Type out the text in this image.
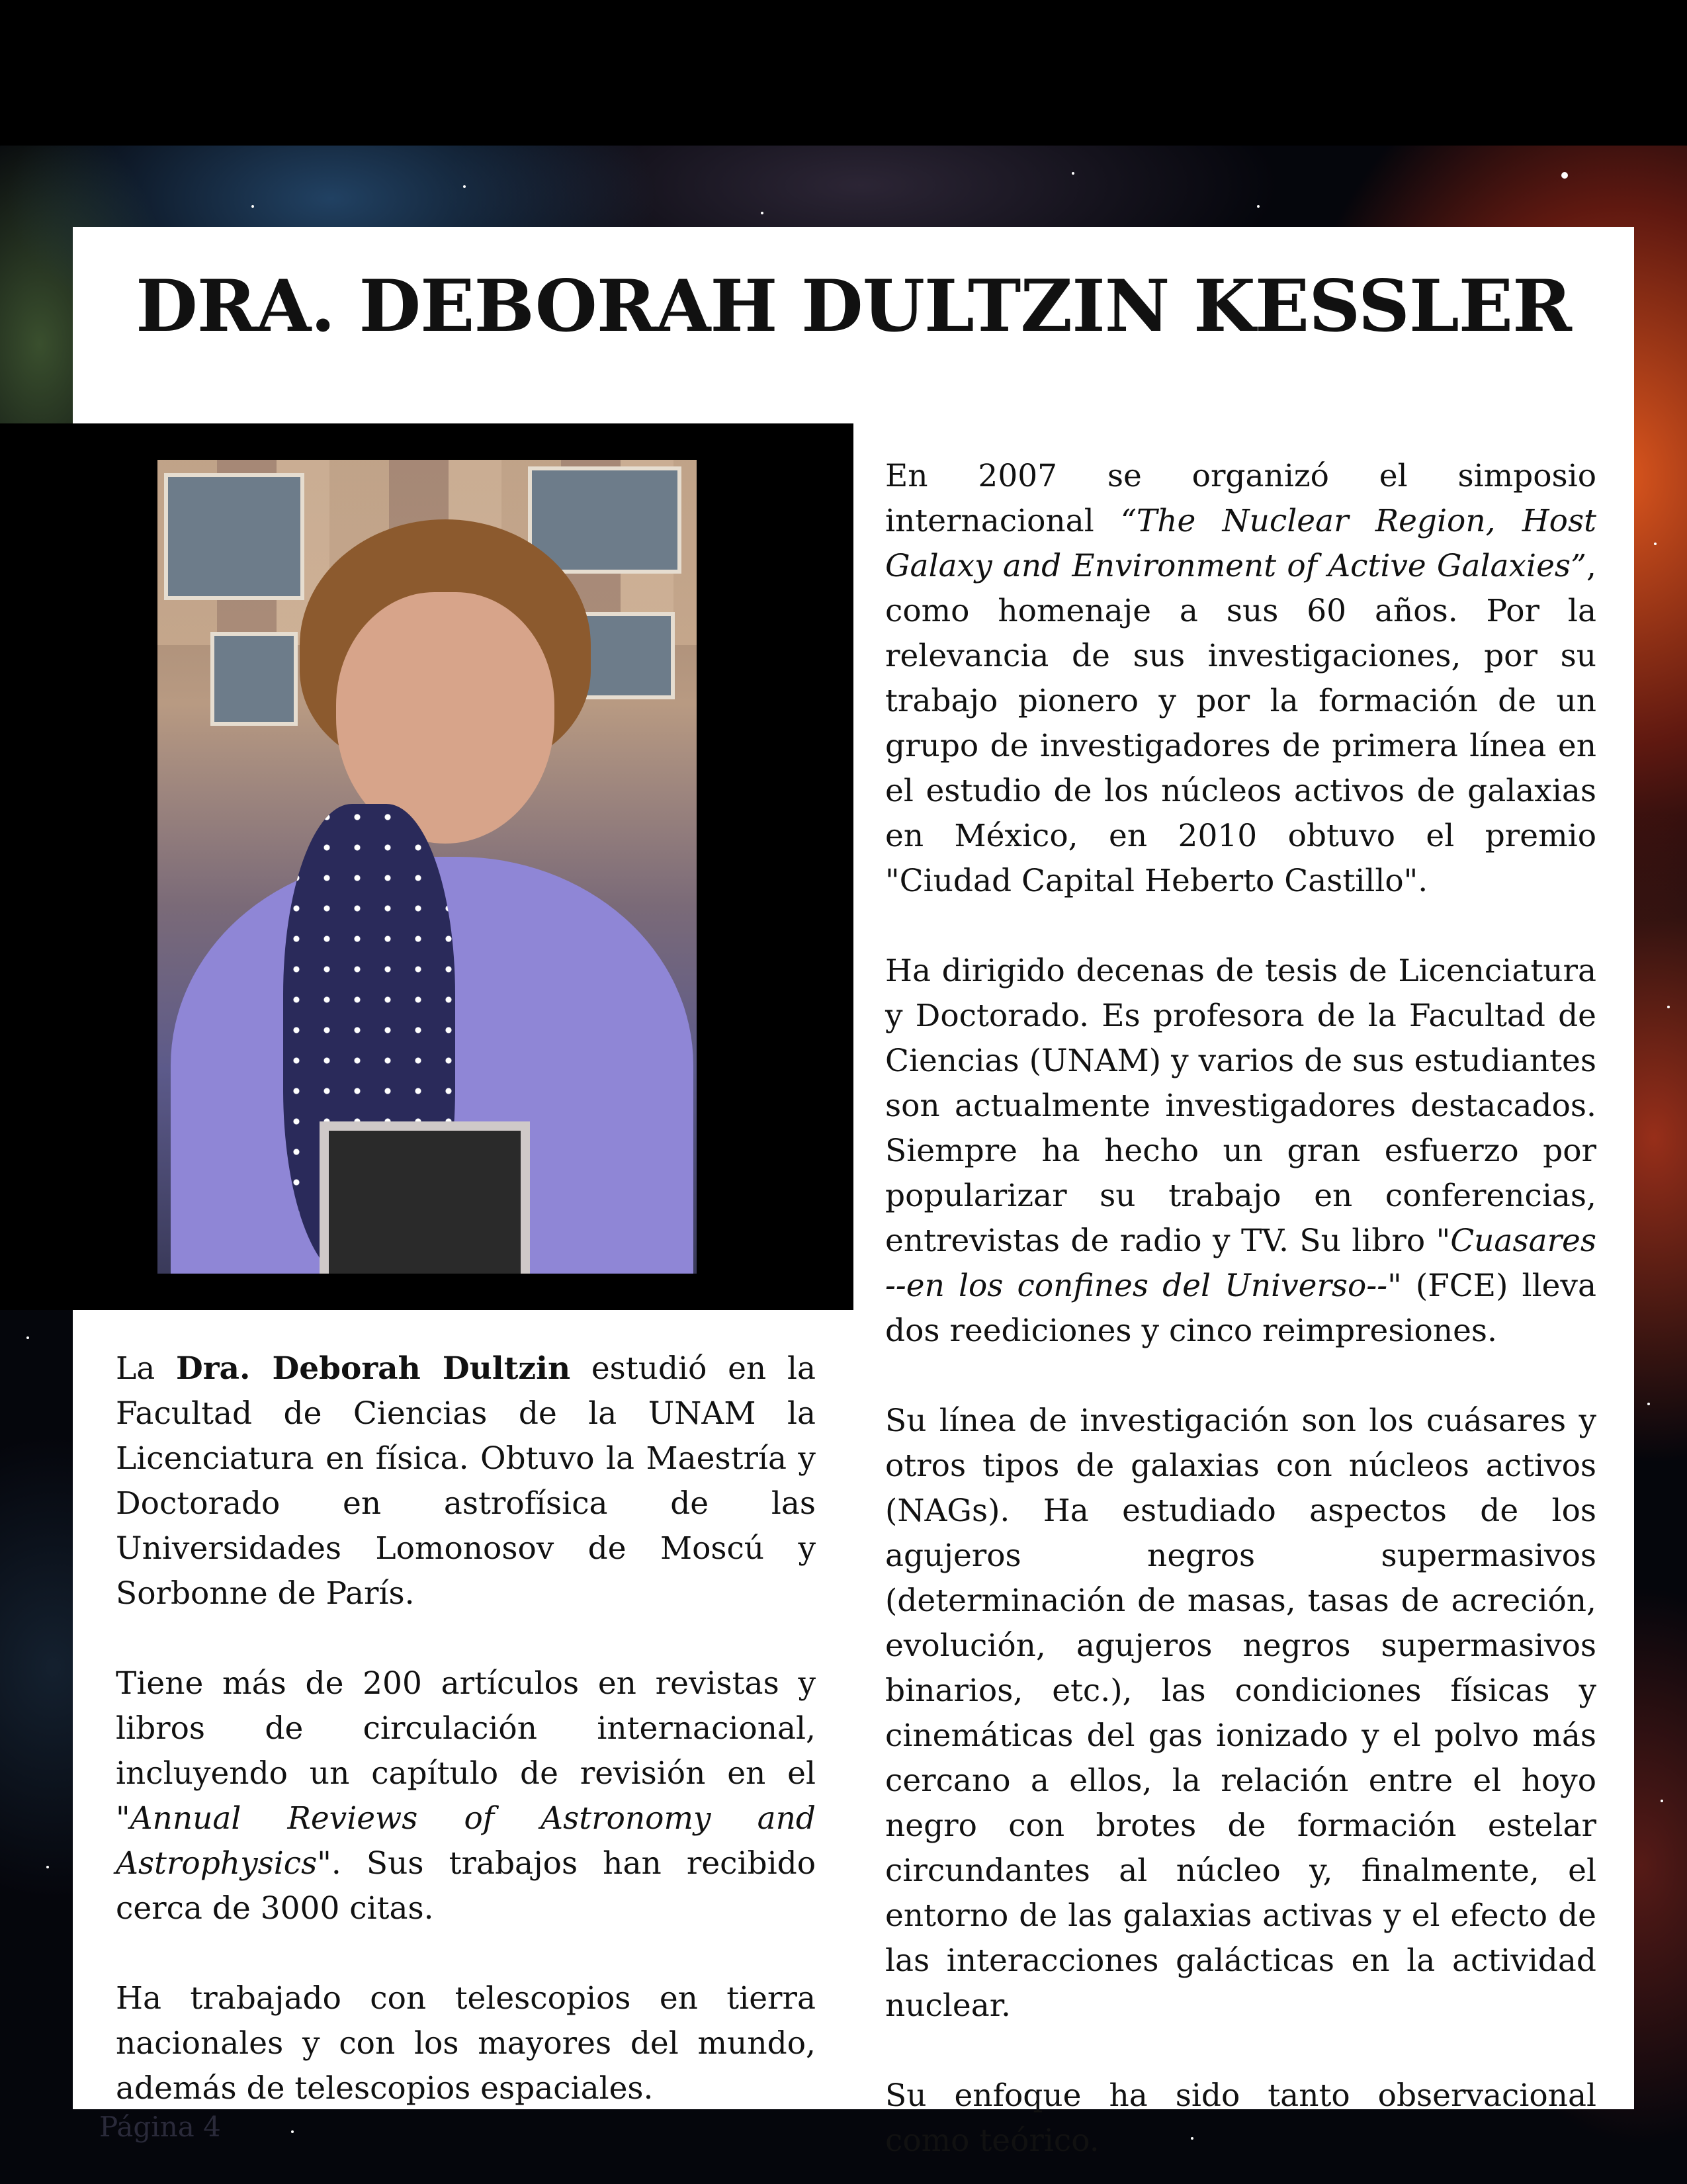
DRA. DEBORAH DULTZIN KESSLER

La Dra. Deborah Dultzin estudió en la Facultad de Ciencias de la UNAM la Licenciatura en física. Obtuvo la Maestría y Doctorado en astrofísica de las Universidades Lomonosov de Moscú y Sorbonne de París.

Tiene más de 200 artículos en revistas y libros de circulación internacional, incluyendo un capítulo de revisión en el "Annual Reviews of Astronomy and Astrophysics". Sus trabajos han recibido cerca de 3000 citas.

Ha trabajado con telescopios en tierra nacionales y con los mayores del mundo, además de telescopios espaciales.

En 2007 se organizó el simposio internacional “The Nuclear Region, Host Galaxy and Environment of Active Galaxies”, como homenaje a sus 60 años. Por la relevancia de sus investigaciones, por su trabajo pionero y por la formación de un grupo de investigadores de primera línea en el estudio de los núcleos activos de galaxias en México, en 2010 obtuvo el premio "Ciudad Capital Heberto Castillo".

Ha dirigido decenas de tesis de Licenciatura y Doctorado. Es profesora de la Facultad de Ciencias (UNAM) y varios de sus estudiantes son actualmente investigadores destacados. Siempre ha hecho un gran esfuerzo por popularizar su trabajo en conferencias, entrevistas de radio y TV. Su libro "Cuasares --en los confines del Universo--" (FCE) lleva dos reediciones y cinco reimpresiones.

Su línea de investigación son los cuásares y otros tipos de galaxias con núcleos activos (NAGs). Ha estudiado aspectos de los agujeros negros supermasivos (determinación de masas, tasas de acreción, evolución, agujeros negros supermasivos binarios, etc.), las condiciones físicas y cinemáticas del gas ionizado y el polvo más cercano a ellos, la relación entre el hoyo negro con brotes de formación estelar circundantes al núcleo y, finalmente, el entorno de las galaxias activas y el efecto de las interacciones galácticas en la actividad nuclear.

Su enfoque ha sido tanto observacional como teórico.

Página 4
